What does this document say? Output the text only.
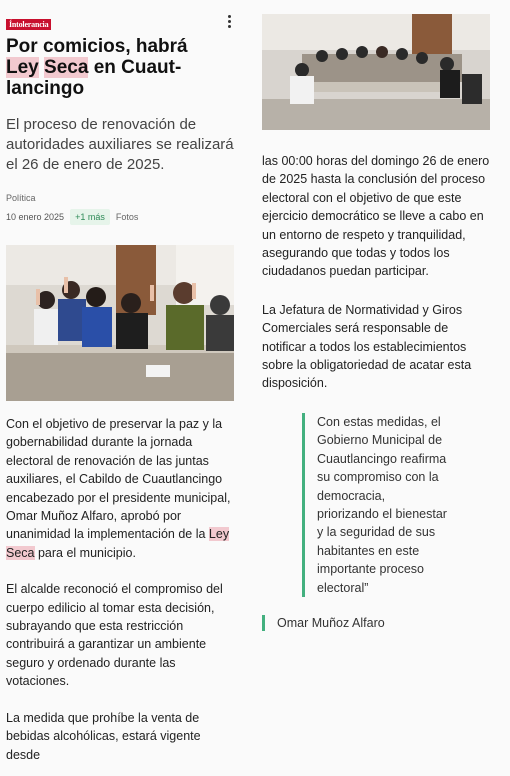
Íntolerancia
Por comicios, habrá
Ley Seca en Cuaut-lancingo

El proceso de renovación de autoridades auxiliares se realizará el 26 de enero de 2025.

Política
10 enero 2025	+1 más	Fotos

Con el objetivo de preservar la paz y la gobernabilidad durante la jornada electoral de renovación de las juntas auxiliares, el Cabildo de Cuautlancingo encabezado por el presidente municipal, Omar Muñoz Alfaro, aprobó por unanimidad la implementación de la Ley Seca para el municipio.

El alcalde reconoció el compromiso del cuerpo edilicio al tomar esta decisión, subrayando que esta restricción contribuirá a garantizar un ambiente seguro y ordenado durante las votaciones.

La medida que prohíbe la venta de bebidas alcohólicas, estará vigente desde

las 00:00 horas del domingo 26 de enero de 2025 hasta la conclusión del proceso electoral con el objetivo de que este ejercicio democrático se lleve a cabo en un entorno de respeto y tranquilidad, asegurando que todas y todos los ciudadanos puedan participar.

La Jefatura de Normatividad y Giros Comerciales será responsable de notificar a todos los establecimientos sobre la obligatoriedad de acatar esta disposición.

Con estas medidas, el Gobierno Municipal de Cuautlancingo reafirma su compromiso con la democracia, priorizando el bienestar y la seguridad de sus habitantes en este importante proceso electoral”
Omar Muñoz Alfaro
